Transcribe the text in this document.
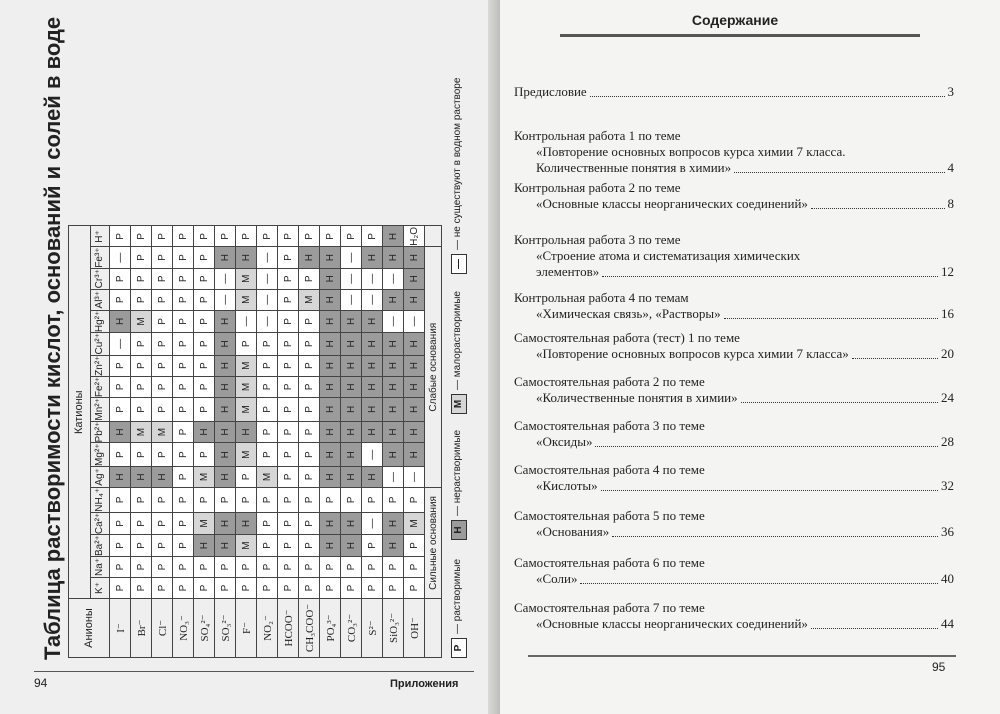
Таблица растворимости кислот, оснований и солей в воде Анионы	Катионы																
	K⁺	Na⁺	Ba²⁺	Ca²⁺	NH₄⁺	Ag⁺	Mg²⁺	Pb²⁺	Mn²⁺	Fe²⁺	Zn²⁺	Cu²⁺	Hg²⁺	Al³⁺	Cr³⁺	Fe³⁺	H⁺
I⁻	Р	Р	Р	Р	Р	Н	Р	Н	Р	Р	Р	—	Н	Р	Р	—	Р
Br⁻	Р	Р	Р	Р	Р	Н	Р	М	Р	Р	Р	Р	М	Р	Р	Р	Р
Cl⁻	Р	Р	Р	Р	Р	Н	Р	М	Р	Р	Р	Р	Р	Р	Р	Р	Р
NO₃⁻	Р	Р	Р	Р	Р	Р	Р	Р	Р	Р	Р	Р	Р	Р	Р	Р	Р
SO₄²⁻	Р	Р	Н	М	Р	М	Р	Н	Р	Р	Р	Р	Р	Р	Р	Р	Р
SO₃²⁻	Р	Р	Н	Н	Р	Н	Н	Н	Н	Н	Н	Н	Н	—	—	Н	Р
F⁻	Р	Р	М	Н	Р	Р	М	Н	М	М	М	Р	—	М	М	Н	Р
NO₂⁻	Р	Р	Р	Р	Р	М	Р	Р	Р	Р	Р	Р	—	—	—	—	Р
HCOO⁻	Р	Р	Р	Р	Р	Р	Р	Р	Р	Р	Р	Р	Р	Р	Р	Р	Р
CH₃COO⁻	Р	Р	Р	Р	Р	Р	Р	Р	Р	Р	Р	Р	Р	М	Р	Н	Р
PO₄³⁻	Р	Р	Н	Н	Р	Н	Н	Н	Н	Н	Н	Н	Н	Н	Н	Н	Р
CO₃²⁻	Р	Р	Н	Н	Р	Н	Н	Н	Н	Н	Н	Н	Н	—	—	—	Р
S²⁻	Р	Р	Р	—	Р	Н	—	Н	Н	Н	Н	Н	Н	—	—	Н	Р
SiO₃²⁻	Р	Р	Н	Н	Р	—	Н	Н	Н	Н	Н	Н	—	Н	—	Н	Н
OH⁻	Р	Р	Р	М	Р	—	Н	Н	Н	Н	Н	Н	—	Н	Н	Н	H₂O
	Сильные основания					Слабые основания											
Р
— растворимые
Н
— нерастворимые
М
— малорастворимые
—
— не существуют в водном растворе
94	Приложения
Содержание
Предисловие	3
Контрольная работа 1 по теме
«Повторение основных вопросов курса химии 7 класса.
Количественные понятия в химии»	4
Контрольная работа 2 по теме
«Основные классы неорганических соединений»	8
Контрольная работа 3 по теме
«Строение атома и систематизация химических
элементов»	12
Контрольная работа 4 по темам
«Химическая связь», «Растворы»	16
Самостоятельная работа (тест) 1 по теме
«Повторение основных вопросов курса химии 7 класса»	20
Самостоятельная работа 2 по теме
«Количественные понятия в химии»	24
Самостоятельная работа 3 по теме
«Оксиды»	28
Самостоятельная работа 4 по теме
«Кислоты»	32
Самостоятельная работа 5 по теме
«Основания»	36
Самостоятельная работа 6 по теме
«Соли»	40
Самостоятельная работа 7 по теме
«Основные классы неорганических соединений»	44
95
